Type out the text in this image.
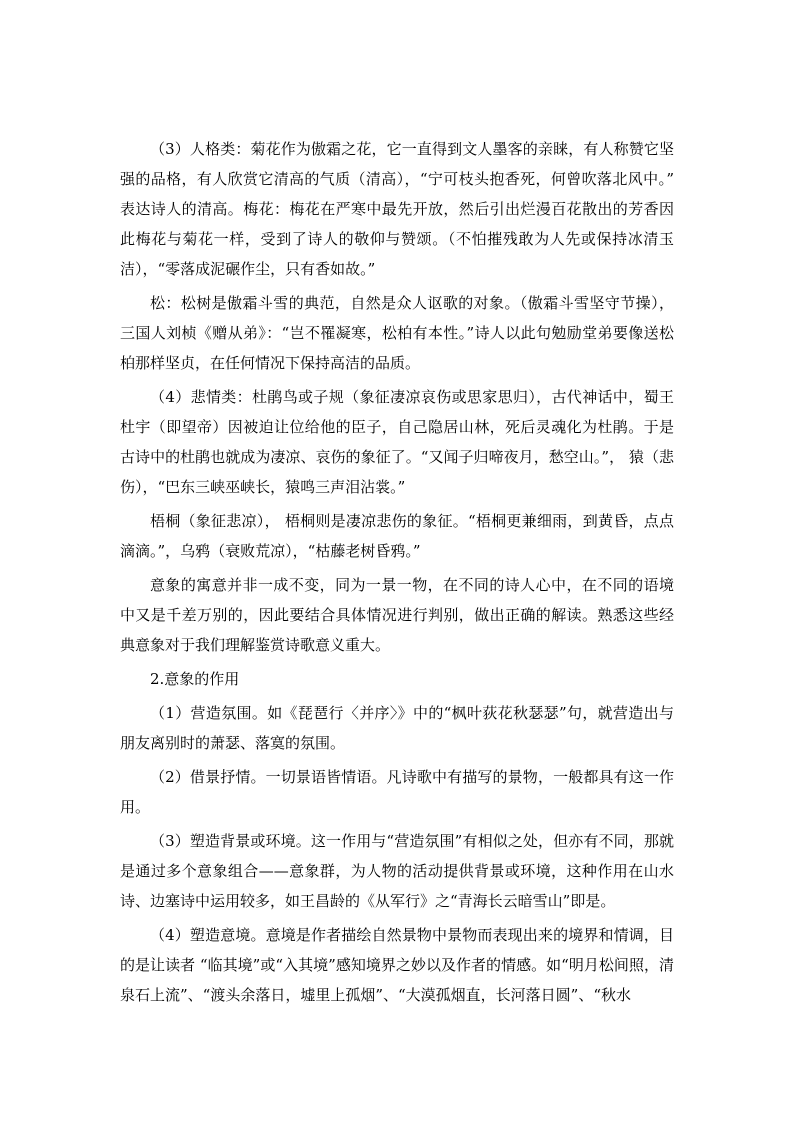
（3）人格类：菊花作为傲霜之花，它一直得到文人墨客的亲睐，有人称赞它坚强的品格，有人欣赏它清高的气质（清高），“宁可枝头抱香死，何曾吹落北风中。” 表达诗人的清高。梅花：梅花在严寒中最先开放，然后引出烂漫百花散出的芳香因此梅花与菊花一样，受到了诗人的敬仰与赞颂。（不怕摧残敢为人先或保持冰清玉洁），“零落成泥碾作尘，只有香如故。”

松：松树是傲霜斗雪的典范，自然是众人讴歌的对象。（傲霜斗雪坚守节操），三国人刘桢《赠从弟》：“岂不罹凝寒，松柏有本性。”诗人以此句勉励堂弟要像送松柏那样坚贞，在任何情况下保持高洁的品质。

（4）悲情类：杜鹃鸟或子规（象征凄凉哀伤或思家思归），古代神话中，蜀王杜宇（即望帝）因被迫让位给他的臣子，自己隐居山林，死后灵魂化为杜鹃。于是古诗中的杜鹃也就成为凄凉、哀伤的象征了。“又闻子归啼夜月，愁空山。”， 猿（悲伤），“巴东三峡巫峡长，猿鸣三声泪沾裳。”

梧桐（象征悲凉）， 梧桐则是凄凉悲伤的象征。“梧桐更兼细雨，到黄昏，点点滴滴。”，乌鸦（衰败荒凉），“枯藤老树昏鸦。”

意象的寓意并非一成不变，同为一景一物，在不同的诗人心中，在不同的语境中又是千差万别的，因此要结合具体情况进行判别，做出正确的解读。熟悉这些经典意象对于我们理解鉴赏诗歌意义重大。

2.意象的作用

（1）营造氛围。如《琵琶行〈并序〉》中的“枫叶荻花秋瑟瑟”句，就营造出与朋友离别时的萧瑟、落寞的氛围。

（2）借景抒情。一切景语皆情语。凡诗歌中有描写的景物，一般都具有这一作用。

（3）塑造背景或环境。这一作用与“营造氛围”有相似之处，但亦有不同，那就是通过多个意象组合——意象群，为人物的活动提供背景或环境，这种作用在山水诗、边塞诗中运用较多，如王昌龄的《从军行》之“青海长云暗雪山”即是。

（4）塑造意境。意境是作者描绘自然景物中景物而表现出来的境界和情调，目的是让读者 “临其境”或“入其境”感知境界之妙以及作者的情感。如“明月松间照，清泉石上流”、“渡头余落日，墟里上孤烟”、“大漠孤烟直，长河落日圆”、“秋水
